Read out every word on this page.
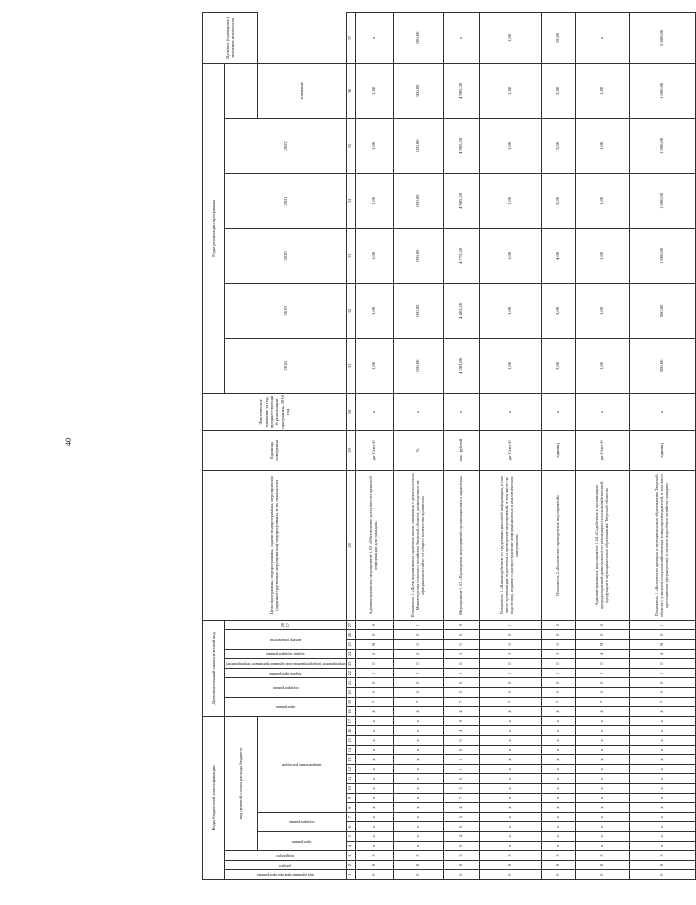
40
Коды бюджетной классификации																	Дополнительный аналитический код										Цели программы, подпрограммы, задачи подпрограммы, мероприятия (административные мероприятия) подпрограммы, и их показатели	Единица измерения	Фактическое значение за год, предшествующий реализации программы, 2016 год	Годы реализации программы						Целевое (суммарное) значение показателя

код администратора программы	раздел	подраздел	код целевой статьи расхода бюджета														программа		подпрограмма		задача программы	мероприятие (подпрограммы или административное мероприятие)	задача подпрограммы	номер показателя		2017				2018	2019	2020	2021	2022		

			программа		подпрограмма		направление расходов																												значение	
1	2	3	4	5	6	7	8	9	10	11	12	13	14	15	16	17	18	19	20	21	22	23	24	25	26	27	28	29	30	31	32	33	34	35	36	37
0	8	3	х	х	х	х	х	х	х	х	х	х	х	х	х	х	4	7	5	0	1	0	2	Я	0	0	Административное мероприятие 1.02 «Обеспечение доступности правовой информации для граждан»	да-1/нет-0	х	1,00	1,00	1,00	1,00	1,00	1,00	х
0	8	3	х	х	х	х	х	х	х	х	х	х	х	х	х	х	4	7	5	0	1	0	2	0	0	1	Показатель 1 «Доля нормативных правовых актов, связанных с деятельностью Министерства сельского хозяйства Тверской области, размещенных на официальном сайте, от общего количества принятых»	%	х	100,00	100,00	100,00	100,00	100,00	100,00	100,00
0	8	3	0	4	0	5	4	7	5	0	1	1	0	0	4	0	4	7	5	0	1	0	3	0	0	0	Мероприятие 1.03 «Проведение мероприятий организационного характера»	тыс. рублей	х	4 283,80	4 463,20	4 775,20	4 985,20	4 985,20	4 985,20	х
0	8	3	х	х	х	х	х	х	х	х	х	х	х	х	х	х	4	7	5	0	1	0	3	0	0	1	Показатель 1 «Взаимодействие со средствами массовой информации, в том числе организация, подготовка и проведение мероприятий, в том числе на подготовку, издание и распространение информационных и аналитических материалов»	да-1/нет-0	х	1,00	1,00	1,00	1,00	1,00	1,00	1,00
0	8	3	х	х	х	х	х	х	х	х	х	х	х	х	х	х	4	7	5	0	1	0	3	0	0	2	Показатель 2 «Количество проведенных мероприятий»	единиц	х	3,00	3,00	4,00	3,00	3,00	3,00	19,00
0	8	3	х	х	х	х	х	х	х	х	х	х	х	х	х	х	4	7	5	0	1	0	4	Я	0	0	Административное мероприятие 1.04 «Содействие в организации природоохранной деятельности по реализации сельскохозяйственной продукции в муниципальных образованиях Тверской области»	да-1/нет-0	х	1,00	1,00	1,00	1,00	1,00	1,00	х
0	8	3	х	х	х	х	х	х	х	х	х	х	х	х	х	х	4	7	5	0	1	0	4	Я	0	1	Показатель 1 «Количество ярмарок в муниципальных образованиях Тверской области с участием сельскохозяйственных товаропроизводителей, в том числе крестьянских (фермерских) и личных подсобных хозяйств граждан»	единиц	х	500,00	500,00	1 000,00	1 000,00	1 000,00	1 000,00	5 000,00
